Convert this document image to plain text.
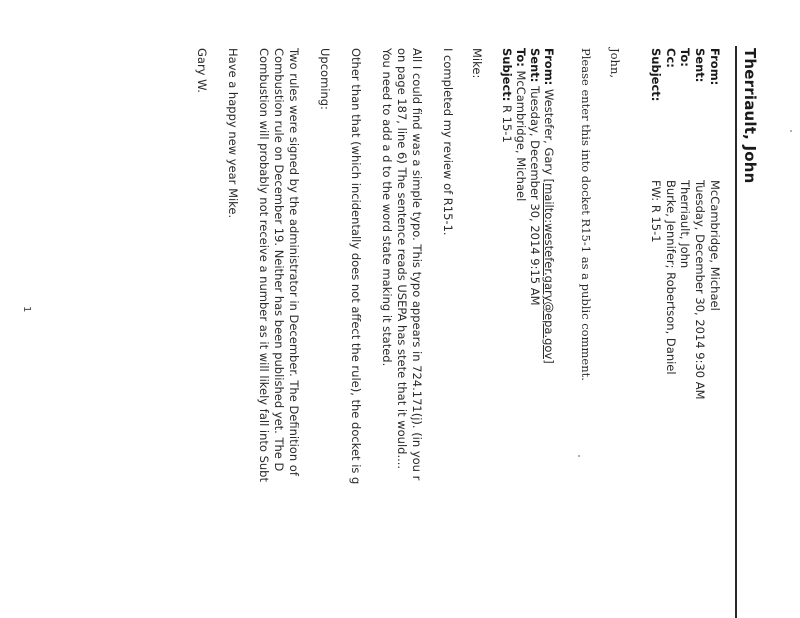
Therriault, John
From:
McCambridge, Michael
Sent:
Tuesday, December 30, 2014 9:30 AM
To:
Therriault, John
Cc:
Burke, Jennifer; Robertson, Daniel
Subject:
FW: R 15-1
John,
Please enter this into docket R15-1 as a public comment.
From: Westefer, Gary [mailto:westefer.gary@epa.gov]
Sent: Tuesday, December 30, 2014 9:15 AM
To: McCambridge, Michael
Subject: R 15-1
Mike:
I completed my review of R15-1.
All I could find was a simple typo. This typo appears in 724.171(j). (in you r
on page 187, line 6) The sentence reads USEPA has stete that it would....
You need to add a d to the word state making it stated.
Other than that (which incidentally does not affect the rule), the docket is g
Upcoming:
Two rules were signed by the administrator in December. The Definition of
Combustion rule on December 19. Neither has been published yet. The D
Combustion will probably not receive a number as it will likely fall into Subt
Have a happy new year Mike.
Gary W.
1
